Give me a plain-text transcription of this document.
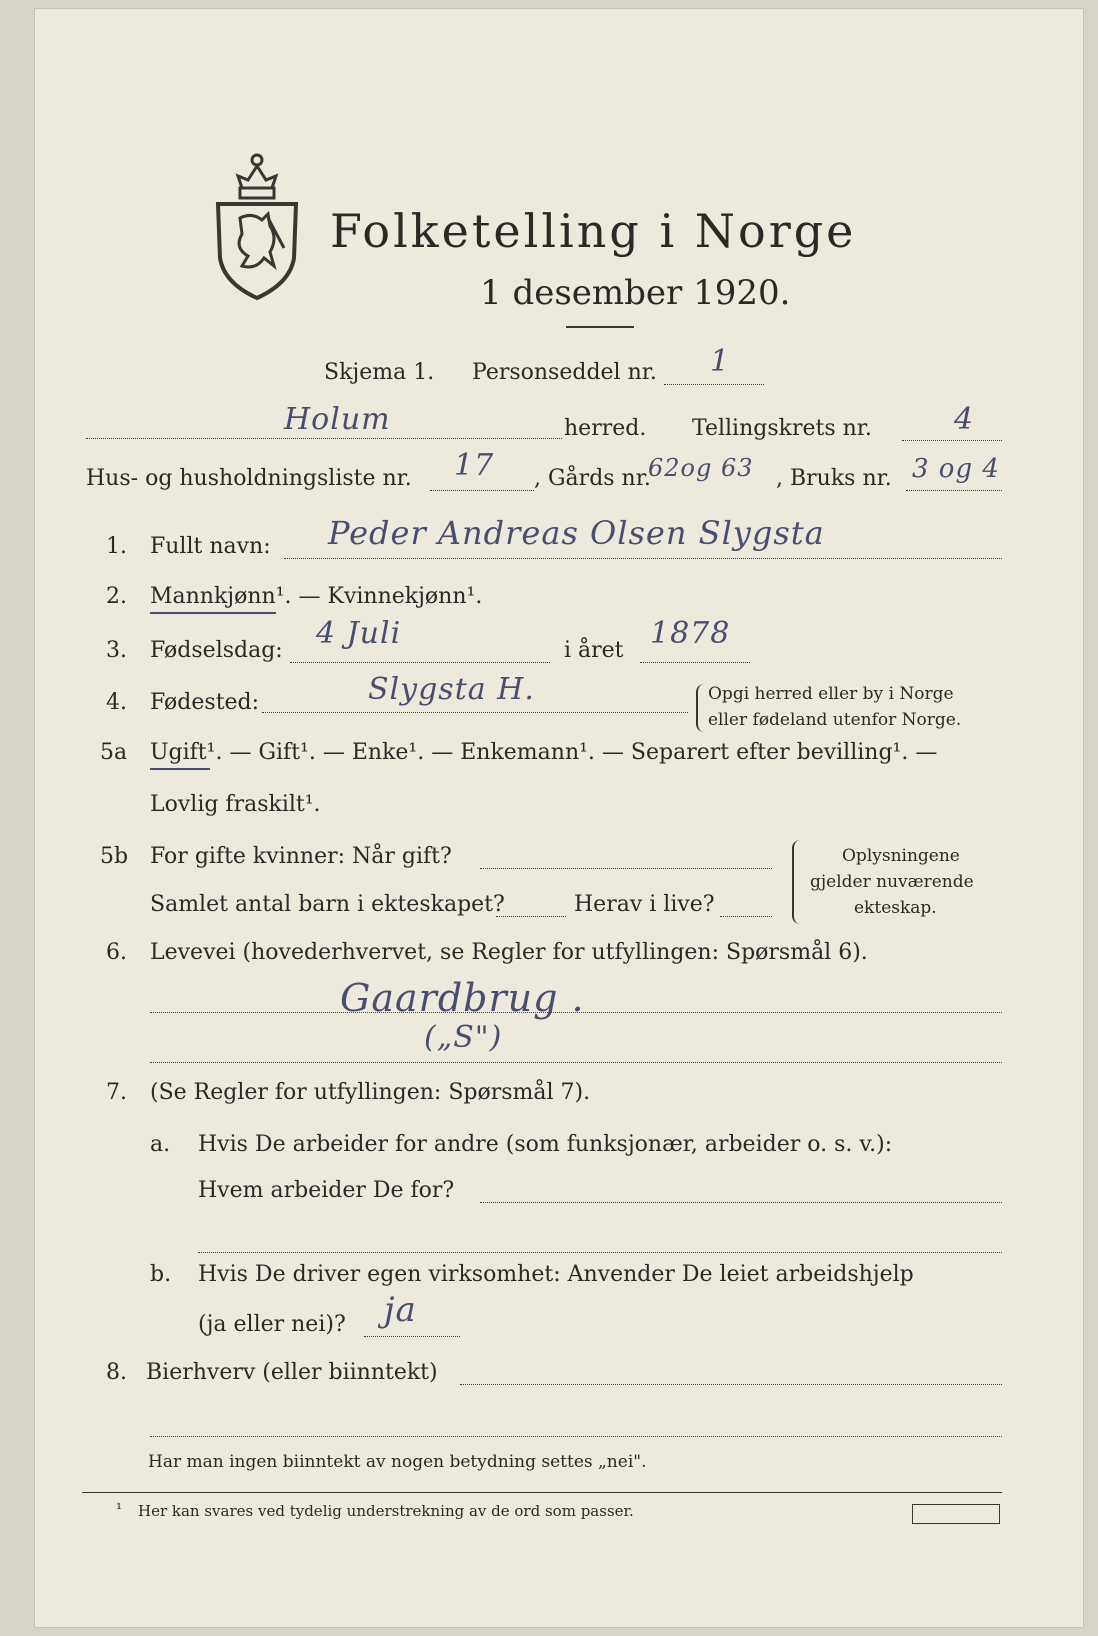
Folketelling i Norge
1 desember 1920.
Skjema 1. Personseddel nr. 1
Holum	herred. Tellingskrets nr.	4
Hus- og husholdningsliste nr. 17 , Gårds nr.
62og 63 , Bruks nr. 3 og 4
1. Fullt navn: Peder Andreas Olsen Slygsta
2. Mannkjønn¹. — Kvinnekjønn¹.
3. Fødselsdag: 4 Juli	i året 1878
4. Fødested:	Slygsta H.	Opgi herred eller by i Norge
eller fødeland utenfor Norge.
5a Ugift¹. — Gift¹. — Enke¹. — Enkemann¹. — Separert efter bevilling¹. —
Lovlig fraskilt¹.
5b For gifte kvinner: Når gift?
Samlet antal barn i ekteskapet?	Herav i live?
Oplysningene
gjelder nuværende
ekteskap.
6. Levevei (hovederhvervet, se Regler for utfyllingen: Spørsmål 6).
Gaardbrug .
(„S")
7. (Se Regler for utfyllingen: Spørsmål 7).
a. Hvis De arbeider for andre (som funksjonær, arbeider o. s. v.):
Hvem arbeider De for?
b. Hvis De driver egen virksomhet: Anvender De leiet arbeidshjelp
(ja eller nei)? ja
8. Bierhverv (eller biinntekt)
Har man ingen biinntekt av nogen betydning settes „nei".
¹ Her kan svares ved tydelig understrekning av de ord som passer.
